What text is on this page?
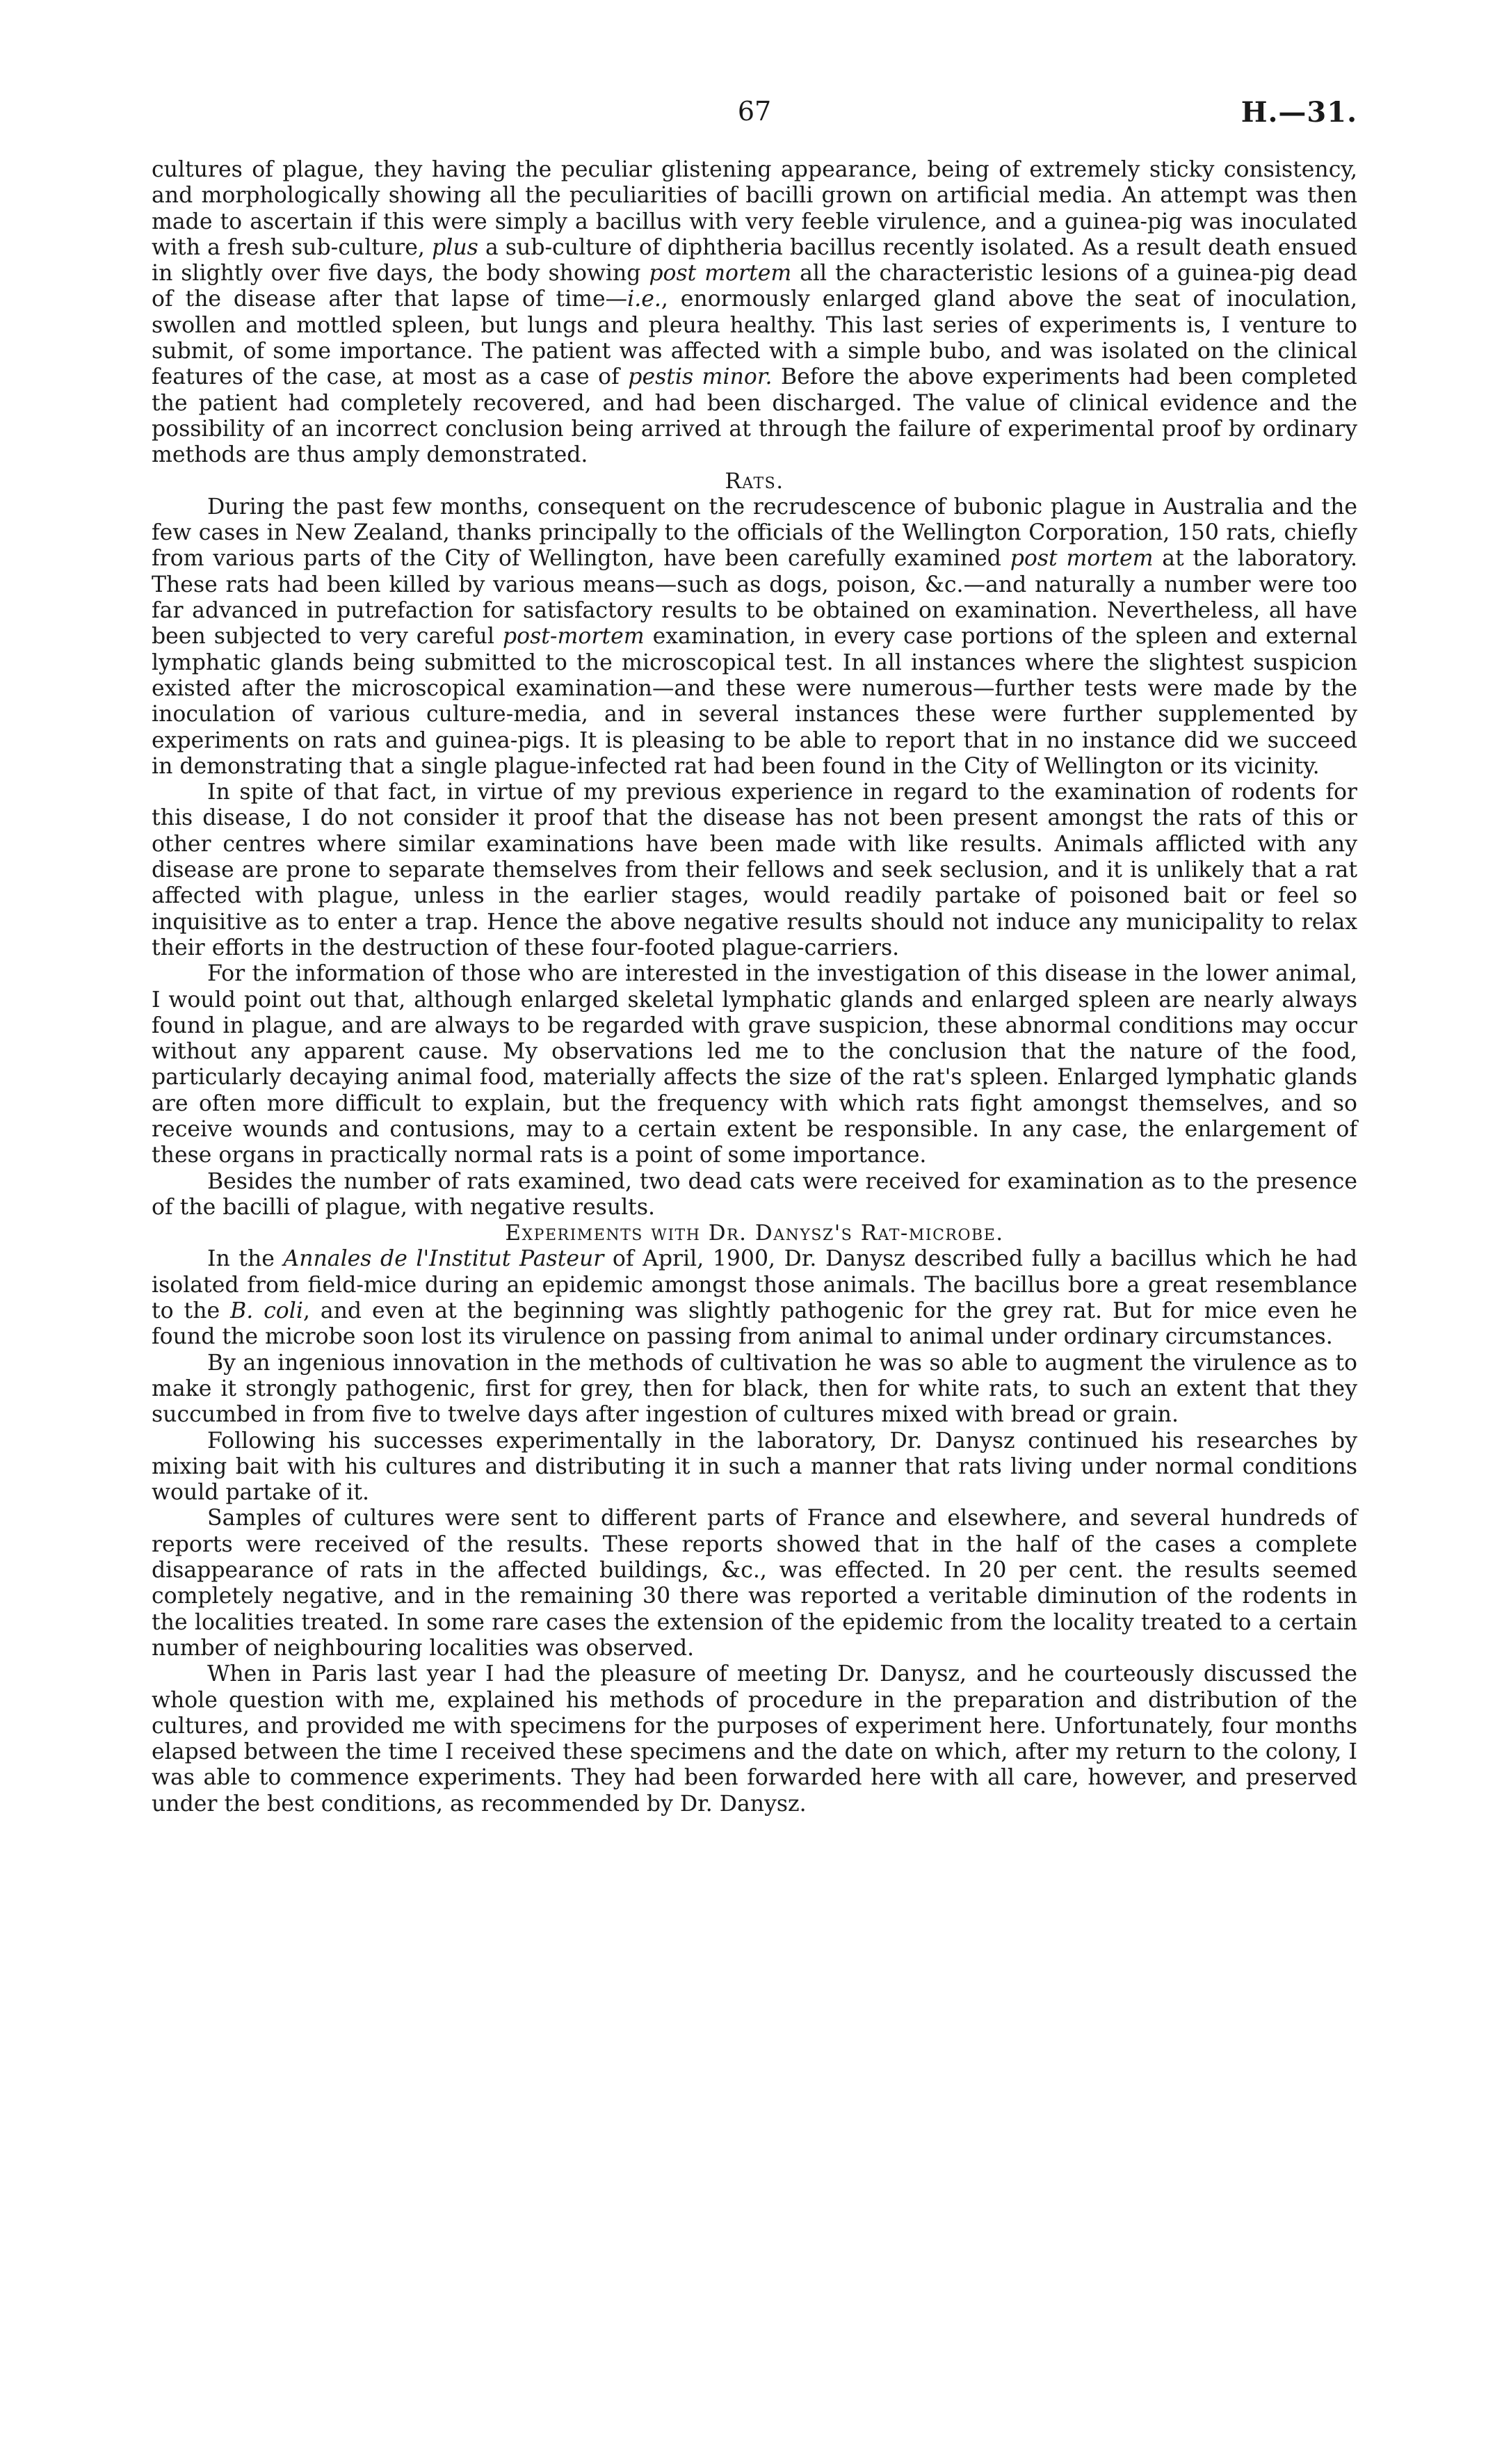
67	H.—31.

cultures of plague, they having the peculiar glistening appearance, being of extremely sticky consistency, and morphologically showing all the peculiarities of bacilli grown on artificial media. An attempt was then made to ascertain if this were simply a bacillus with very feeble virulence, and a guinea-pig was inoculated with a fresh sub-culture, plus a sub-culture of diphtheria bacillus recently isolated. As a result death ensued in slightly over five days, the body showing post mortem all the characteristic lesions of a guinea-pig dead of the disease after that lapse of time—i.e., enormously enlarged gland above the seat of inoculation, swollen and mottled spleen, but lungs and pleura healthy. This last series of experiments is, I venture to submit, of some importance. The patient was affected with a simple bubo, and was isolated on the clinical features of the case, at most as a case of pestis minor. Before the above experiments had been completed the patient had completely recovered, and had been discharged. The value of clinical evidence and the possibility of an incorrect conclusion being arrived at through the failure of experimental proof by ordinary methods are thus amply demonstrated.

Rats.

During the past few months, consequent on the recrudescence of bubonic plague in Australia and the few cases in New Zealand, thanks principally to the officials of the Wellington Corporation, 150 rats, chiefly from various parts of the City of Wellington, have been carefully examined post mortem at the laboratory. These rats had been killed by various means—such as dogs, poison, &c.—and naturally a number were too far advanced in putrefaction for satisfactory results to be obtained on examination. Nevertheless, all have been subjected to very careful post-mortem examination, in every case portions of the spleen and external lymphatic glands being submitted to the microscopical test. In all instances where the slightest suspicion existed after the microscopical examination—and these were numerous—further tests were made by the inoculation of various culture-media, and in several instances these were further supplemented by experiments on rats and guinea-pigs. It is pleasing to be able to report that in no instance did we succeed in demonstrating that a single plague-infected rat had been found in the City of Wellington or its vicinity.

In spite of that fact, in virtue of my previous experience in regard to the examination of rodents for this disease, I do not consider it proof that the disease has not been present amongst the rats of this or other centres where similar examinations have been made with like results. Animals afflicted with any disease are prone to separate themselves from their fellows and seek seclusion, and it is unlikely that a rat affected with plague, unless in the earlier stages, would readily partake of poisoned bait or feel so inquisitive as to enter a trap. Hence the above negative results should not induce any municipality to relax their efforts in the destruction of these four-footed plague-carriers.

For the information of those who are interested in the investigation of this disease in the lower animal, I would point out that, although enlarged skeletal lymphatic glands and enlarged spleen are nearly always found in plague, and are always to be regarded with grave suspicion, these abnormal conditions may occur without any apparent cause. My observations led me to the conclusion that the nature of the food, particularly decaying animal food, materially affects the size of the rat's spleen. Enlarged lymphatic glands are often more difficult to explain, but the frequency with which rats fight amongst themselves, and so receive wounds and contusions, may to a certain extent be responsible. In any case, the enlargement of these organs in practically normal rats is a point of some importance.

Besides the number of rats examined, two dead cats were received for examination as to the presence of the bacilli of plague, with negative results.

Experiments with Dr. Danysz's Rat-microbe.

In the Annales de l'Institut Pasteur of April, 1900, Dr. Danysz described fully a bacillus which he had isolated from field-mice during an epidemic amongst those animals. The bacillus bore a great resemblance to the B. coli, and even at the beginning was slightly pathogenic for the grey rat. But for mice even he found the microbe soon lost its virulence on passing from animal to animal under ordinary circumstances.

By an ingenious innovation in the methods of cultivation he was so able to augment the virulence as to make it strongly pathogenic, first for grey, then for black, then for white rats, to such an extent that they succumbed in from five to twelve days after ingestion of cultures mixed with bread or grain.

Following his successes experimentally in the laboratory, Dr. Danysz continued his researches by mixing bait with his cultures and distributing it in such a manner that rats living under normal conditions would partake of it.

Samples of cultures were sent to different parts of France and elsewhere, and several hundreds of reports were received of the results. These reports showed that in the half of the cases a complete disappearance of rats in the affected buildings, &c., was effected. In 20 per cent. the results seemed completely negative, and in the remaining 30 there was reported a veritable diminution of the rodents in the localities treated. In some rare cases the extension of the epidemic from the locality treated to a certain number of neighbouring localities was observed.

When in Paris last year I had the pleasure of meeting Dr. Danysz, and he courteously discussed the whole question with me, explained his methods of procedure in the preparation and distribution of the cultures, and provided me with specimens for the purposes of experiment here. Unfortunately, four months elapsed between the time I received these specimens and the date on which, after my return to the colony, I was able to commence experiments. They had been forwarded here with all care, however, and preserved under the best conditions, as recommended by Dr. Danysz.
